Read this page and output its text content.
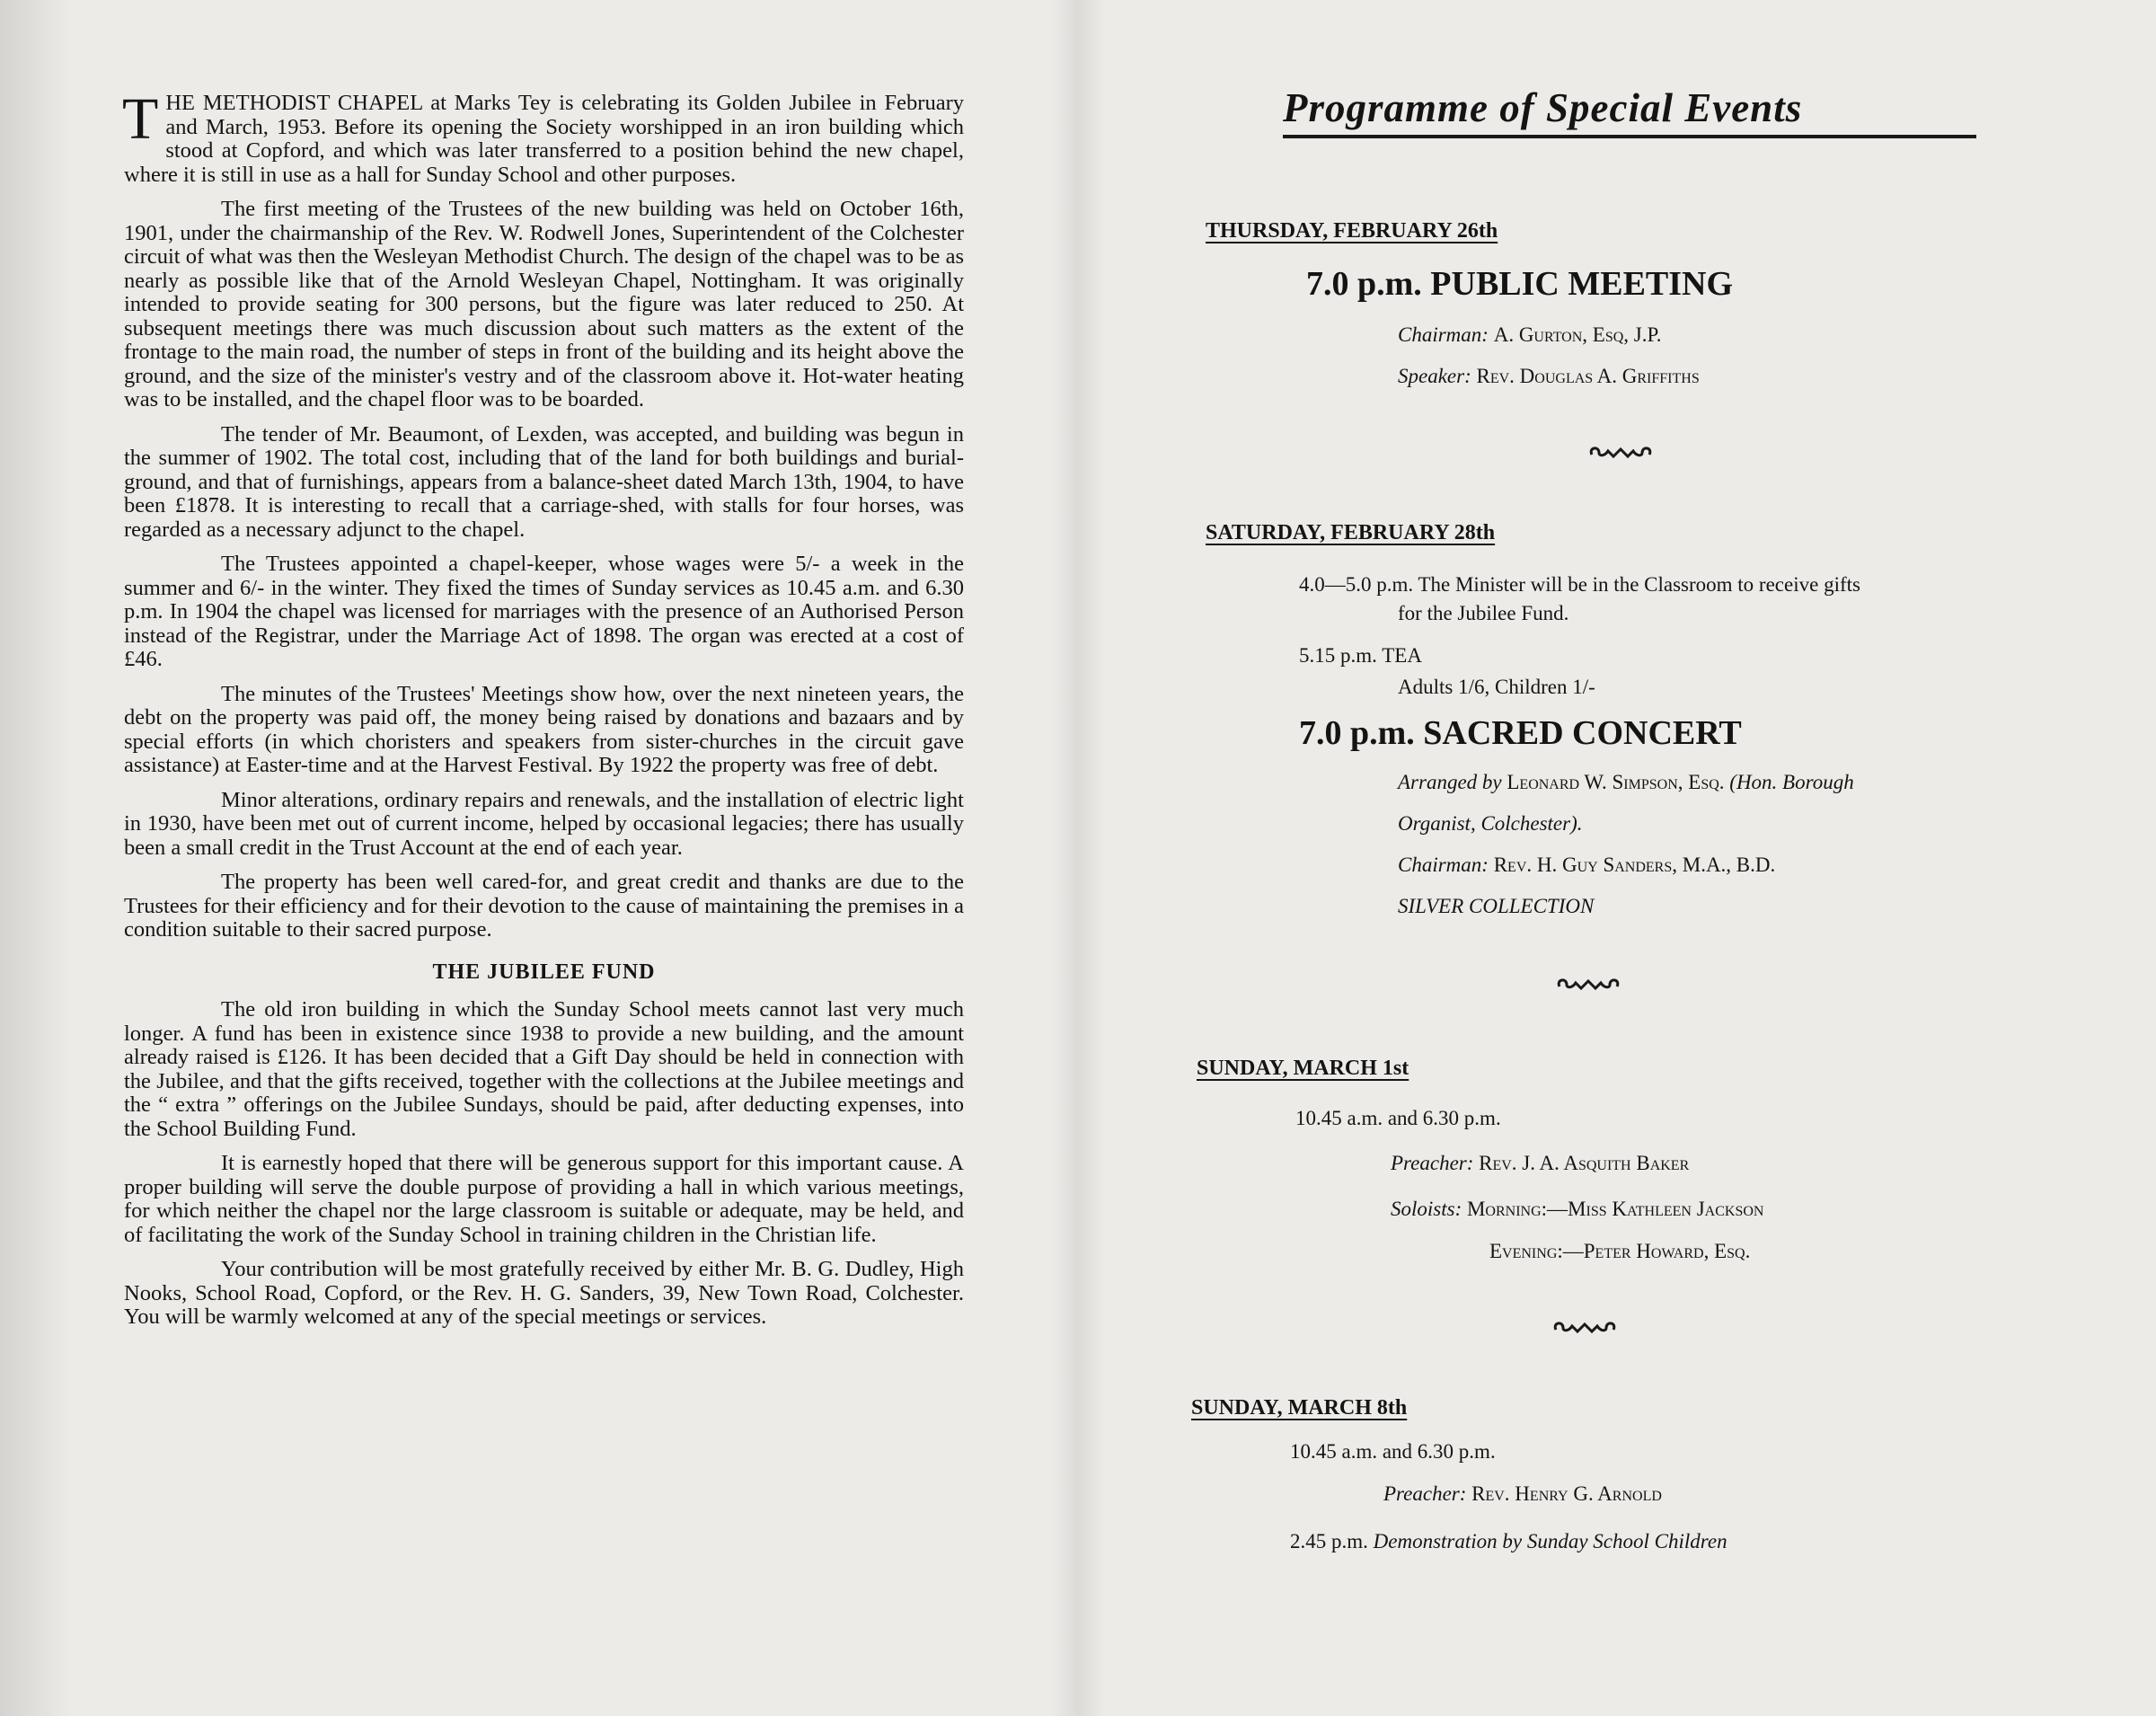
THE METHODIST CHAPEL at Marks Tey is celebrating its Golden Jubilee in February and March, 1953. Before its opening the Society worshipped in an iron building which stood at Copford, and which was later transferred to a position behind the new chapel, where it is still in use as a hall for Sunday School and other purposes.

The first meeting of the Trustees of the new building was held on October 16th, 1901, under the chairmanship of the Rev. W. Rodwell Jones, Superintendent of the Colchester circuit of what was then the Wesleyan Methodist Church. The design of the chapel was to be as nearly as possible like that of the Arnold Wesleyan Chapel, Nottingham. It was originally intended to provide seating for 300 persons, but the figure was later reduced to 250. At subsequent meetings there was much discussion about such matters as the extent of the frontage to the main road, the number of steps in front of the building and its height above the ground, and the size of the minister's vestry and of the classroom above it. Hot-water heating was to be installed, and the chapel floor was to be boarded.

The tender of Mr. Beaumont, of Lexden, was accepted, and building was begun in the summer of 1902. The total cost, including that of the land for both buildings and burial-ground, and that of furnishings, appears from a balance-sheet dated March 13th, 1904, to have been £1878. It is interesting to recall that a carriage-shed, with stalls for four horses, was regarded as a necessary adjunct to the chapel.

The Trustees appointed a chapel-keeper, whose wages were 5/- a week in the summer and 6/- in the winter. They fixed the times of Sunday services as 10.45 a.m. and 6.30 p.m. In 1904 the chapel was licensed for marriages with the presence of an Authorised Person instead of the Registrar, under the Marriage Act of 1898. The organ was erected at a cost of £46.

The minutes of the Trustees' Meetings show how, over the next nineteen years, the debt on the property was paid off, the money being raised by donations and bazaars and by special efforts (in which choristers and speakers from sister-churches in the circuit gave assistance) at Easter-time and at the Harvest Festival. By 1922 the property was free of debt.

Minor alterations, ordinary repairs and renewals, and the installation of electric light in 1930, have been met out of current income, helped by occasional legacies; there has usually been a small credit in the Trust Account at the end of each year.

The property has been well cared-for, and great credit and thanks are due to the Trustees for their efficiency and for their devotion to the cause of maintaining the premises in a condition suitable to their sacred purpose.

THE JUBILEE FUND

The old iron building in which the Sunday School meets cannot last very much longer. A fund has been in existence since 1938 to provide a new building, and the amount already raised is £126. It has been decided that a Gift Day should be held in connection with the Jubilee, and that the gifts received, together with the collections at the Jubilee meetings and the “ extra ” offerings on the Jubilee Sundays, should be paid, after deducting expenses, into the School Building Fund.

It is earnestly hoped that there will be generous support for this important cause. A proper building will serve the double purpose of providing a hall in which various meetings, for which neither the chapel nor the large classroom is suitable or adequate, may be held, and of facilitating the work of the Sunday School in training children in the Christian life.

Your contribution will be most gratefully received by either Mr. B. G. Dudley, High Nooks, School Road, Copford, or the Rev. H. G. Sanders, 39, New Town Road, Colchester. You will be warmly welcomed at any of the special meetings or services.

Programme of Special Events
THURSDAY, FEBRUARY 26th
7.0 p.m. PUBLIC MEETING
Chairman: A. Gurton, Esq, J.P.
Speaker: Rev. Douglas A. Griffiths
SATURDAY, FEBRUARY 28th
4.0—5.0 p.m. The Minister will be in the Classroom to receive gifts
for the Jubilee Fund.
5.15 p.m. TEA
Adults 1/6, Children 1/-
7.0 p.m. SACRED CONCERT
Arranged by Leonard W. Simpson, Esq. (Hon. Borough
Organist, Colchester).
Chairman: Rev. H. Guy Sanders, M.A., B.D.
SILVER COLLECTION
SUNDAY, MARCH 1st
10.45 a.m. and 6.30 p.m.
Preacher: Rev. J. A. Asquith Baker
Soloists: Morning:—Miss Kathleen Jackson
Evening:—Peter Howard, Esq.
SUNDAY, MARCH 8th
10.45 a.m. and 6.30 p.m.
Preacher: Rev. Henry G. Arnold
2.45 p.m. Demonstration by Sunday School Children
